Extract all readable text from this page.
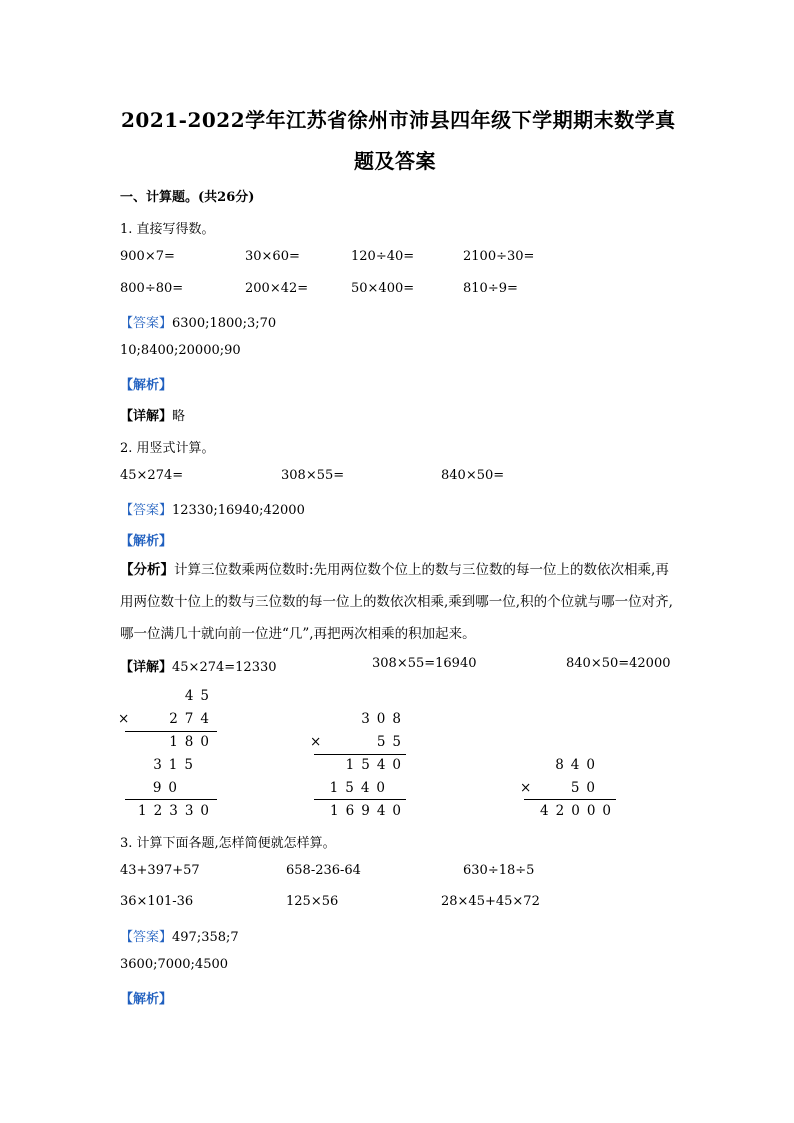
2021-2022学年江苏省徐州市沛县四年级下学期期末数学真
题及答案
一、计算题。(共26分)
1. 直接写得数。
900×7=	30×60=	120÷40=	2100÷30=
800÷80=	200×42=	50×400=	810÷9=
【答案】6300;1800;3;70
10;8400;20000;90
【解析】
【详解】略
2. 用竖式计算。
45×274=	308×55=	840×50=
【答案】12330;16940;42000
【解析】
【分析】计算三位数乘两位数时:先用两位数个位上的数与三位数的每一位上的数依次相乘,再用两位数十位上的数与三位数的每一位上的数依次相乘,乘到哪一位,积的个位就与哪一位对齐,哪一位满几十就向前一位进“几”,再把两次相乘的积加起来。
【详解】45×274=12330	308×55=16940	840×50=42000
45
× 274
180
315
90
12330
308
×	55
1540
1540
16940
840
× 50
42000
3. 计算下面各题,怎样简便就怎样算。
43+397+57	658-236-64	630÷18÷5
36×101-36	125×56	28×45+45×72
【答案】497;358;7
3600;7000;4500
【解析】
